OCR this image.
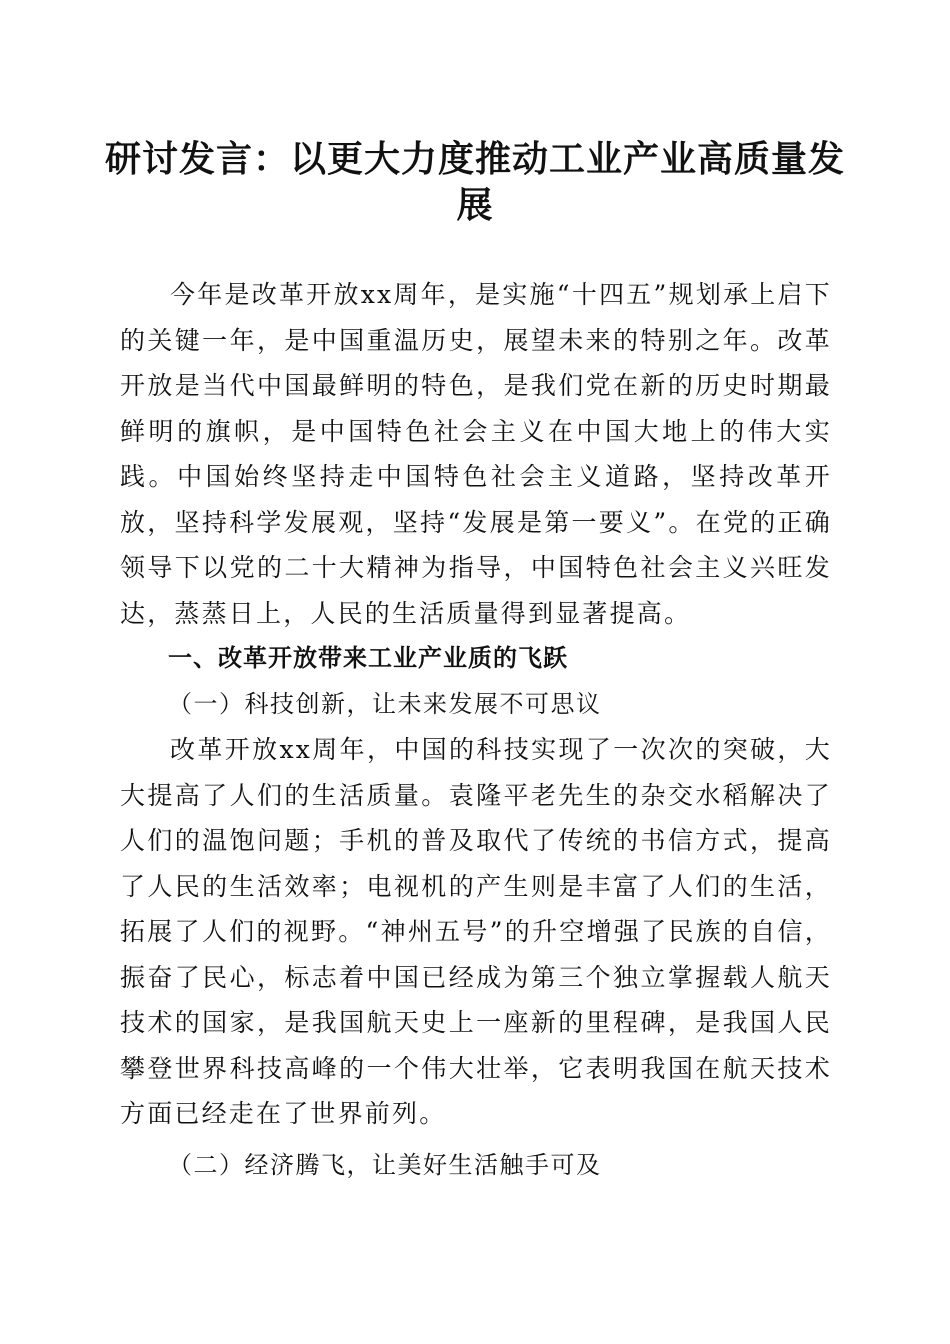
研讨发言：以更大力度推动工业产业高质量发展

今年是改革开放xx周年，是实施“十四五”规划承上启下的关键一年，是中国重温历史，展望未来的特别之年。改革开放是当代中国最鲜明的特色，是我们党在新的历史时期最鲜明的旗帜，是中国特色社会主义在中国大地上的伟大实践。中国始终坚持走中国特色社会主义道路，坚持改革开放，坚持科学发展观，坚持“发展是第一要义”。在党的正确领导下以党的二十大精神为指导，中国特色社会主义兴旺发达，蒸蒸日上，人民的生活质量得到显著提高。

一、改革开放带来工业产业质的飞跃
（一）科技创新，让未来发展不可思议

改革开放xx周年，中国的科技实现了一次次的突破，大大提高了人们的生活质量。袁隆平老先生的杂交水稻解决了人们的温饱问题；手机的普及取代了传统的书信方式，提高了人民的生活效率；电视机的产生则是丰富了人们的生活，拓展了人们的视野。“神州五号”的升空增强了民族的自信，振奋了民心，标志着中国已经成为第三个独立掌握载人航天技术的国家，是我国航天史上一座新的里程碑，是我国人民攀登世界科技高峰的一个伟大壮举，它表明我国在航天技术方面已经走在了世界前列。

（二）经济腾飞，让美好生活触手可及
